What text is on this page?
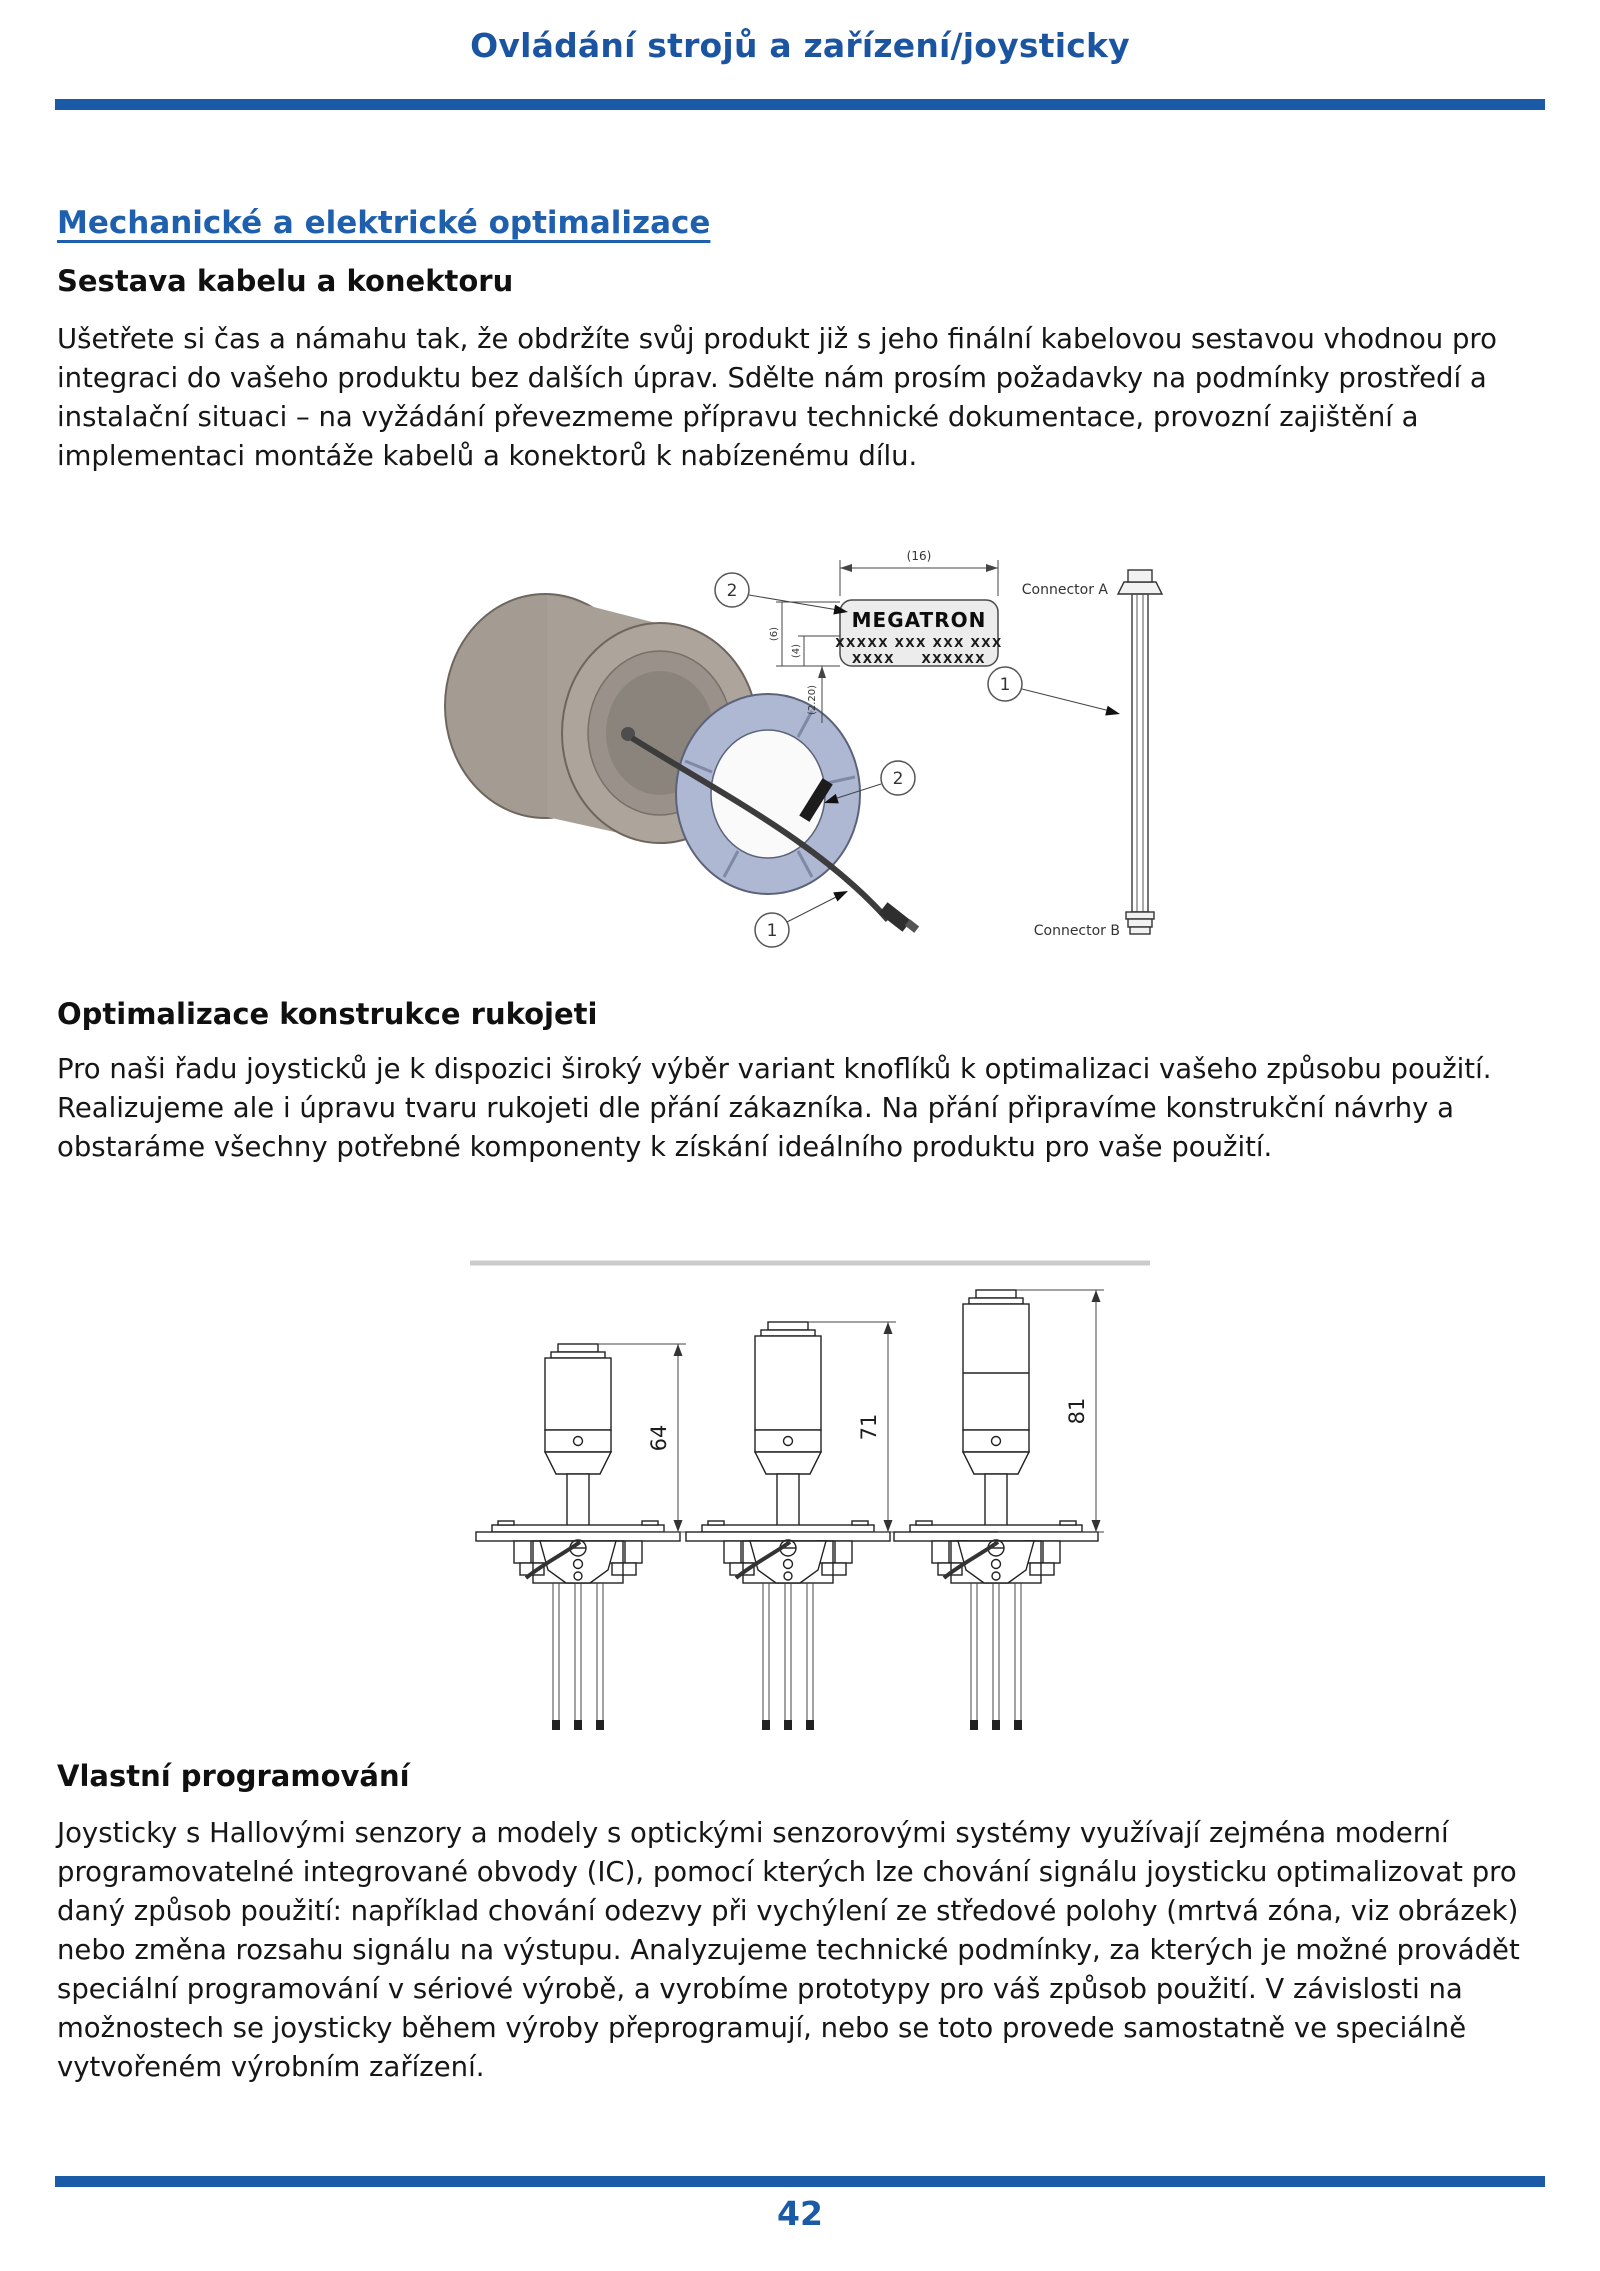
Ovládání strojů a zařízení/joysticky
Mechanické a elektrické optimalizace
Sestava kabelu a konektoru

Ušetřete si čas a námahu tak, že obdržíte svůj produkt již s jeho finální kabelovou sestavou vhodnou pro integraci do vašeho produktu bez dalších úprav. Sdělte nám prosím požadavky na podmínky prostředí a instalační situaci – na vyžádání převezmeme přípravu technické dokumentace, provozní zajištění a implementaci montáže kabelů a konektorů k nabízenému dílu.

MEGATRON
XXXXX XXX XXX XXX
XXXX XXXXXX
(16)
(6)
(4)
(2.20)
2
1
2
1
Connector A
Connector B
Optimalizace konstrukce rukojeti

Pro naši řadu joysticků je k dispozici široký výběr variant knoflíků k optimalizaci vašeho způsobu použití. Realizujeme ale i úpravu tvaru rukojeti dle přání zákazníka. Na přání připravíme konstrukční návrhy a obstaráme všechny potřebné komponenty k získání ideálního produktu pro vaše použití.

64	71
81
Vlastní programování

Joysticky s Hallovými senzory a modely s optickými senzorovými systémy využívají zejména moderní programovatelné integrované obvody (IC), pomocí kterých lze chování signálu joysticku optimalizovat pro daný způsob použití: například chování odezvy při vychýlení ze středové polohy (mrtvá zóna, viz obrázek) nebo změna rozsahu signálu na výstupu. Analyzujeme technické podmínky, za kterých je možné provádět speciální programování v sériové výrobě, a vyrobíme prototypy pro váš způsob použití. V závislosti na možnostech se joysticky během výroby přeprogramují, nebo se toto provede samostatně ve speciálně vytvořeném výrobním zařízení.

42
